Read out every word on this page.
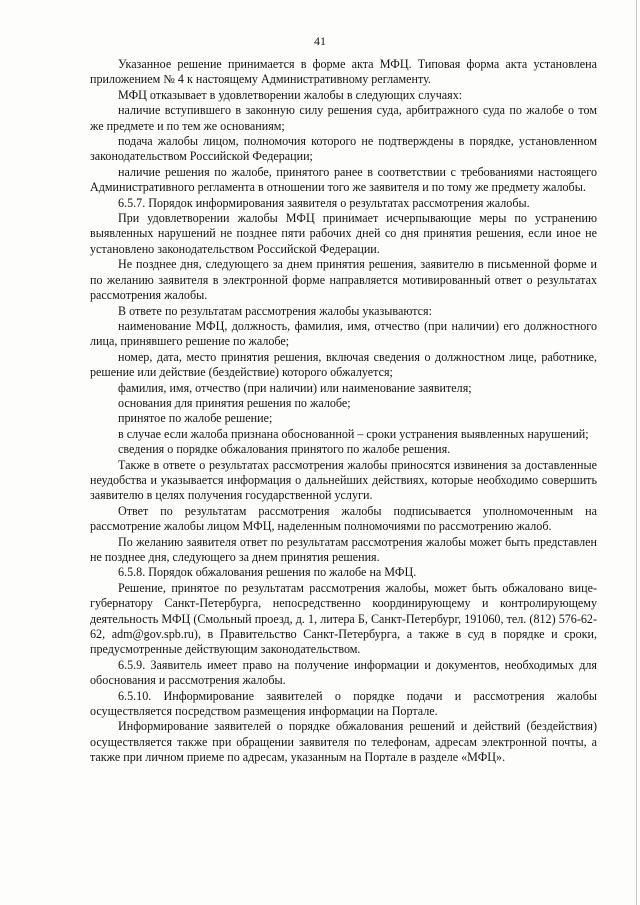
41

Указанное решение принимается в форме акта МФЦ. Типовая форма акта установлена приложением № 4 к настоящему Административному регламенту.

МФЦ отказывает в удовлетворении жалобы в следующих случаях:

наличие вступившего в законную силу решения суда, арбитражного суда по жалобе о том же предмете и по тем же основаниям;

подача жалобы лицом, полномочия которого не подтверждены в порядке, установленном законодательством Российской Федерации;

наличие решения по жалобе, принятого ранее в соответствии с требованиями настоящего Административного регламента в отношении того же заявителя и по тому же предмету жалобы.

6.5.7. Порядок информирования заявителя о результатах рассмотрения жалобы.

При удовлетворении жалобы МФЦ принимает исчерпывающие меры по устранению выявленных нарушений не позднее пяти рабочих дней со дня принятия решения, если иное не установлено законодательством Российской Федерации.

Не позднее дня, следующего за днем принятия решения, заявителю в письменной форме и по желанию заявителя в электронной форме направляется мотивированный ответ о результатах рассмотрения жалобы.

В ответе по результатам рассмотрения жалобы указываются:

наименование МФЦ, должность, фамилия, имя, отчество (при наличии) его должностного лица, принявшего решение по жалобе;

номер, дата, место принятия решения, включая сведения о должностном лице, работнике, решение или действие (бездействие) которого обжалуется;

фамилия, имя, отчество (при наличии) или наименование заявителя;

основания для принятия решения по жалобе;

принятое по жалобе решение;

в случае если жалоба признана обоснованной – сроки устранения выявленных нарушений;

сведения о порядке обжалования принятого по жалобе решения.

Также в ответе о результатах рассмотрения жалобы приносятся извинения за доставленные неудобства и указывается информация о дальнейших действиях, которые необходимо совершить заявителю в целях получения государственной услуги.

Ответ по результатам рассмотрения жалобы подписывается уполномоченным на рассмотрение жалобы лицом МФЦ, наделенным полномочиями по рассмотрению жалоб.

По желанию заявителя ответ по результатам рассмотрения жалобы может быть представлен не позднее дня, следующего за днем принятия решения.

6.5.8. Порядок обжалования решения по жалобе на МФЦ.

Решение, принятое по результатам рассмотрения жалобы, может быть обжаловано вице-губернатору Санкт-Петербурга, непосредственно координирующему и контролирующему деятельность МФЦ (Смольный проезд, д. 1, литера Б, Санкт-Петербург, 191060, тел. (812) 576-62-62, adm@gov.spb.ru), в Правительство Санкт-Петербурга, а также в суд в порядке и сроки, предусмотренные действующим законодательством.

6.5.9. Заявитель имеет право на получение информации и документов, необходимых для обоснования и рассмотрения жалобы.

6.5.10. Информирование заявителей о порядке подачи и рассмотрения жалобы осуществляется посредством размещения информации на Портале.

Информирование заявителей о порядке обжалования решений и действий (бездействия) осуществляется также при обращении заявителя по телефонам, адресам электронной почты, а также при личном приеме по адресам, указанным на Портале в разделе «МФЦ».
